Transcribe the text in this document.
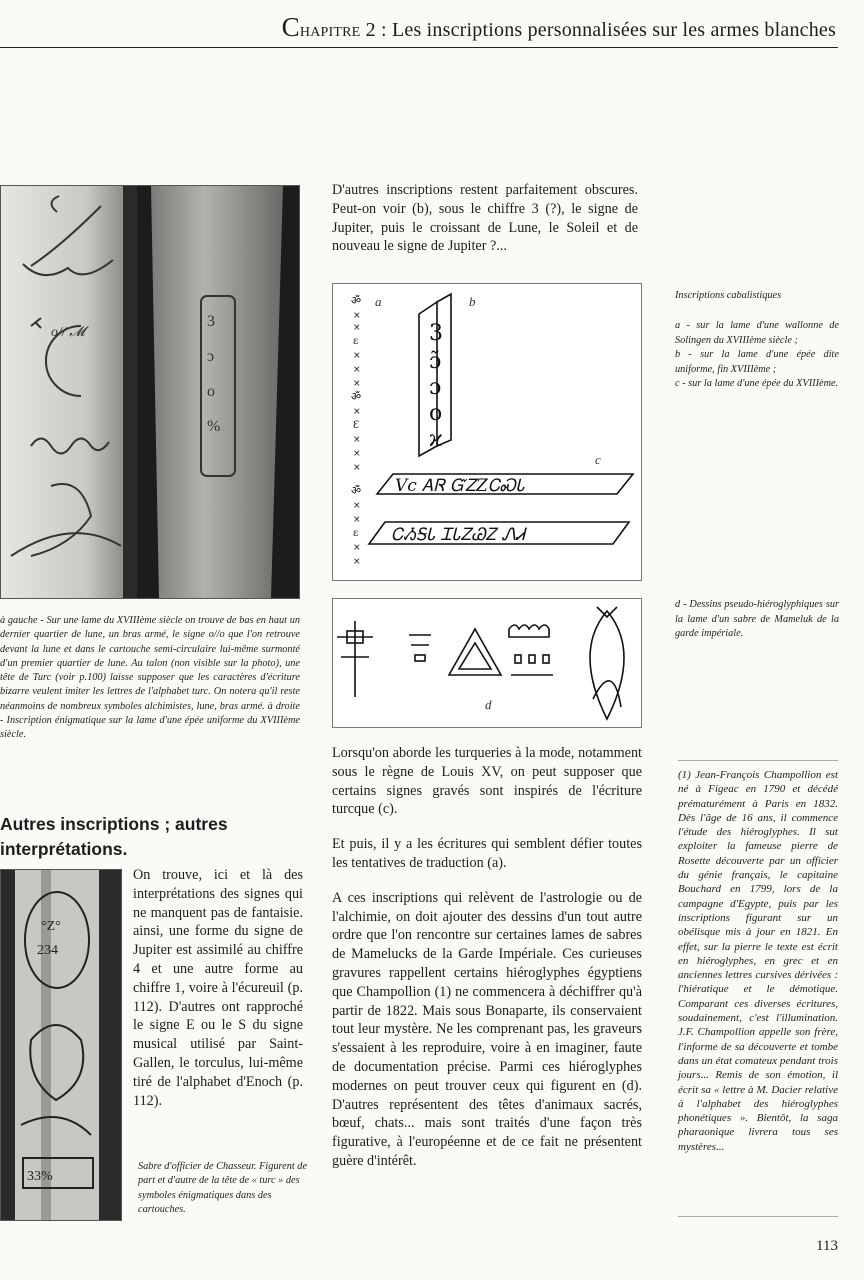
Chapitre 2 : Les inscriptions personnalisées sur les armes blanches
o// 𝓜
3
ɔ
o
%
à gauche - Sur une lame du XVIIIème siècle on trouve de bas en haut un dernier quartier de lune, un bras armé, le signe o//o que l'on retrouve devant la lune et dans le cartouche semi-circulaire lui-même surmonté d'un premier quartier de lune. Au talon (non visible sur la photo), une tête de Turc (voir p.100) laisse supposer que les caractères d'écriture bizarre veulent imiter les lettres de l'alphabet turc. On notera qu'il reste néanmoins de nombreux symboles alchimistes, lune, bras armé. à droite - Inscription énigmatique sur la lame d'une épée uniforme du XVIIIème siècle.
Autres inscriptions ; autres interprétations.
°Z°
234
33%

On trouve, ici et là des interprétations des signes qui ne manquent pas de fantaisie. ainsi, une forme du signe de Jupiter est assimilé au chiffre 4 et une autre forme au chiffre 1, voire à l'écureuil (p. 112). D'autres ont rapproché le signe E ou le S du signe musical utilisé par Saint-Gallen, le torculus, lui-même tiré de l'alphabet d'Enoch (p. 112).

Sabre d'officier de Chasseur. Figurent de part et d'autre de la tête de « turc » des symboles énigmatiques dans des cartouches.

D'autres inscriptions restent parfaitement obscures. Peut-on voir (b), sous le chiffre 3 (?), le signe de Jupiter, puis le croissant de Lune, le Soleil et de nouveau le signe de Jupiter ?...

ॐ
×
×
ɛ
×
×
×
ॐ
×
Ɛ
×
×
×
ॐ
×
×
ɛ
×
×
a	b
c
3
ɔ̃
ɔ
o
ϰ
Vc ᎪᏒ ᏳᏃZᏟᏍᏓ
ᏟᏱᎦᏓ ᏆᏓᏃᏊᏃ ᏁᏗ
d

Lorsqu'on aborde les turqueries à la mode, notamment sous le règne de Louis XV, on peut supposer que certains signes gravés sont inspirés de l'écriture turcque (c).

Et puis, il y a les écritures qui semblent défier toutes les tentatives de traduction (a).

A ces inscriptions qui relèvent de l'astrologie ou de l'alchimie, on doit ajouter des dessins d'un tout autre ordre que l'on rencontre sur certaines lames de sabres de Mamelucks de la Garde Impériale. Ces curieuses gravures rappellent certains hiéroglyphes égyptiens que Champollion (1) ne commencera à déchiffrer qu'à partir de 1822. Mais sous Bonaparte, ils conservaient tout leur mystère. Ne les comprenant pas, les graveurs s'essaient à les reproduire, voire à en imaginer, faute de documentation précise. Parmi ces hiéroglyphes modernes on peut trouver ceux qui figurent en (d). D'autres représentent des têtes d'animaux sacrés, bœuf, chats... mais sont traités d'une façon très figurative, à l'européenne et de ce fait ne présentent guère d'intérêt.

Inscriptions cabalistiques
a - sur la lame d'une wallonne de Solingen du XVIIIème siècle ;
b - sur la lame d'une épée dite uniforme, fin XVIIIème ;
c - sur la lame d'une épée du XVIIIème.
d - Dessins pseudo-hiéroglyphiques sur la lame d'un sabre de Mameluk de la garde impériale.
(1) Jean-François Champollion est né à Figeac en 1790 et décédé prématurément à Paris en 1832. Dès l'âge de 16 ans, il commence l'étude des hiéroglyphes. Il sut exploiter la fameuse pierre de Rosette découverte par un officier du génie français, le capitaine Bouchard en 1799, lors de la campagne d'Egypte, puis par les inscriptions figurant sur un obélisque mis à jour en 1821. En effet, sur la pierre le texte est écrit en hiéroglyphes, en grec et en anciennes lettres cursives dérivées : l'hiératique et le démotique. Comparant ces diverses écritures, soudainement, c'est l'illumination. J.F. Champollion appelle son frère, l'informe de sa découverte et tombe dans un état comateux pendant trois jours... Remis de son émotion, il écrit sa « lettre à M. Dacier relative à l'alphabet des hiéroglyphes phonétiques ». Bientôt, la saga pharaonique livrera tous ses mystères...
113
